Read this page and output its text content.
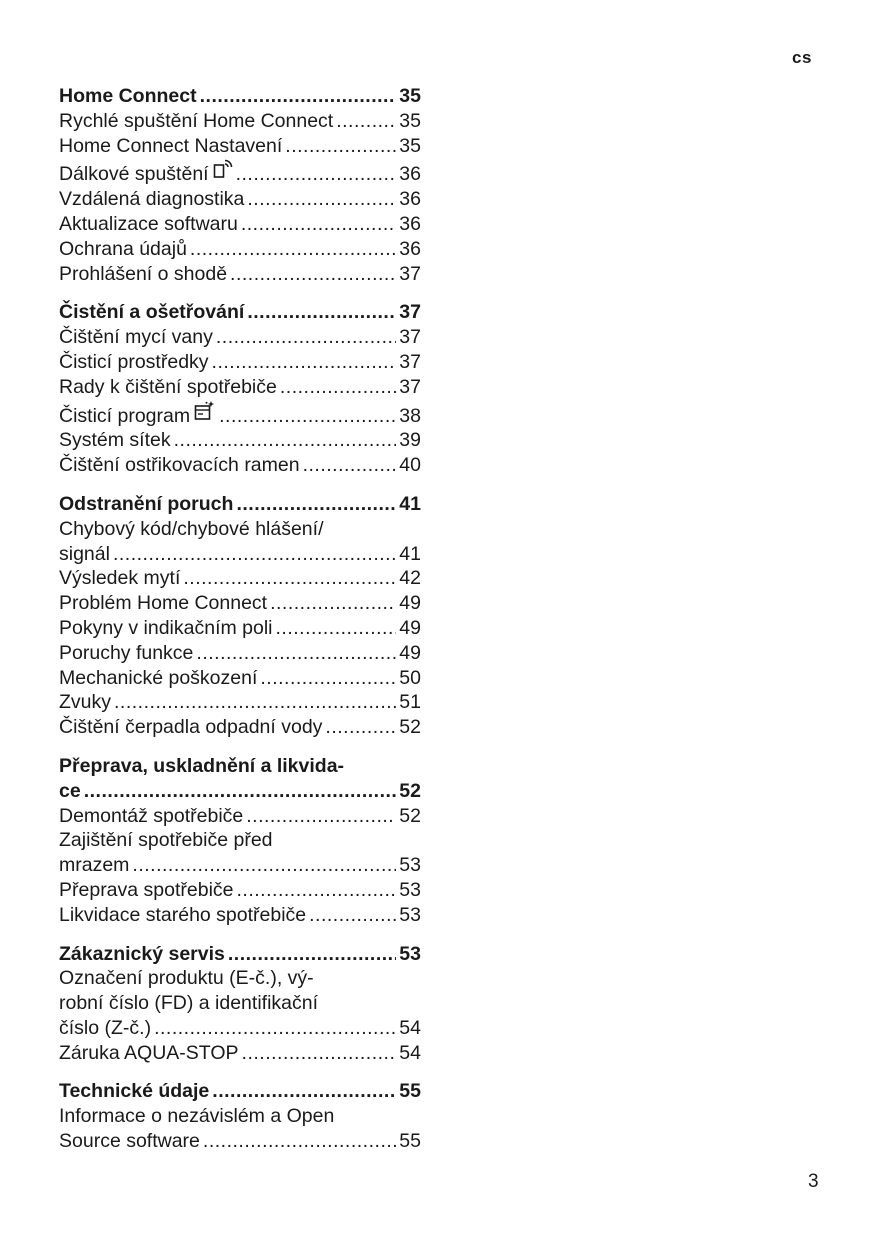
cs
Home Connect .....	35
Rychlé spuštění Home Connect .....	35
Home Connect Nastavení .....	35
Dálkové spuštění .....	36
Vzdálená diagnostika .....	36
Aktualizace softwaru .....	36
Ochrana údajů .....	36
Prohlášení o shodě .....	37
Čistění a ošetřování .....	37
Čištění mycí vany .....	37
Čisticí prostředky .....	37
Rady k čištění spotřebiče .....	37
Čisticí program .....	38
Systém sítek .....	39
Čištění ostřikovacích ramen .....	40
Odstranění poruch .....	41
Chybový kód/chybové hlášení/
signál .....	41
Výsledek mytí .....	42
Problém Home Connect .....	49
Pokyny v indikačním poli .....	49
Poruchy funkce .....	49
Mechanické poškození .....	50
Zvuky .....	51
Čištění čerpadla odpadní vody .....	52
Přeprava, uskladnění a likvida-
ce .....	52
Demontáž spotřebiče .....	52
Zajištění spotřebiče před
mrazem .....	53
Přeprava spotřebiče .....	53
Likvidace starého spotřebiče .....	53
Zákaznický servis .....	53
Označení produktu (E-č.), vý-
robní číslo (FD) a identifikační
číslo (Z-č.) .....	54
Záruka AQUA-STOP .....	54
Technické údaje .....	55
Informace o nezávislém a Open
Source software .....	55
3
